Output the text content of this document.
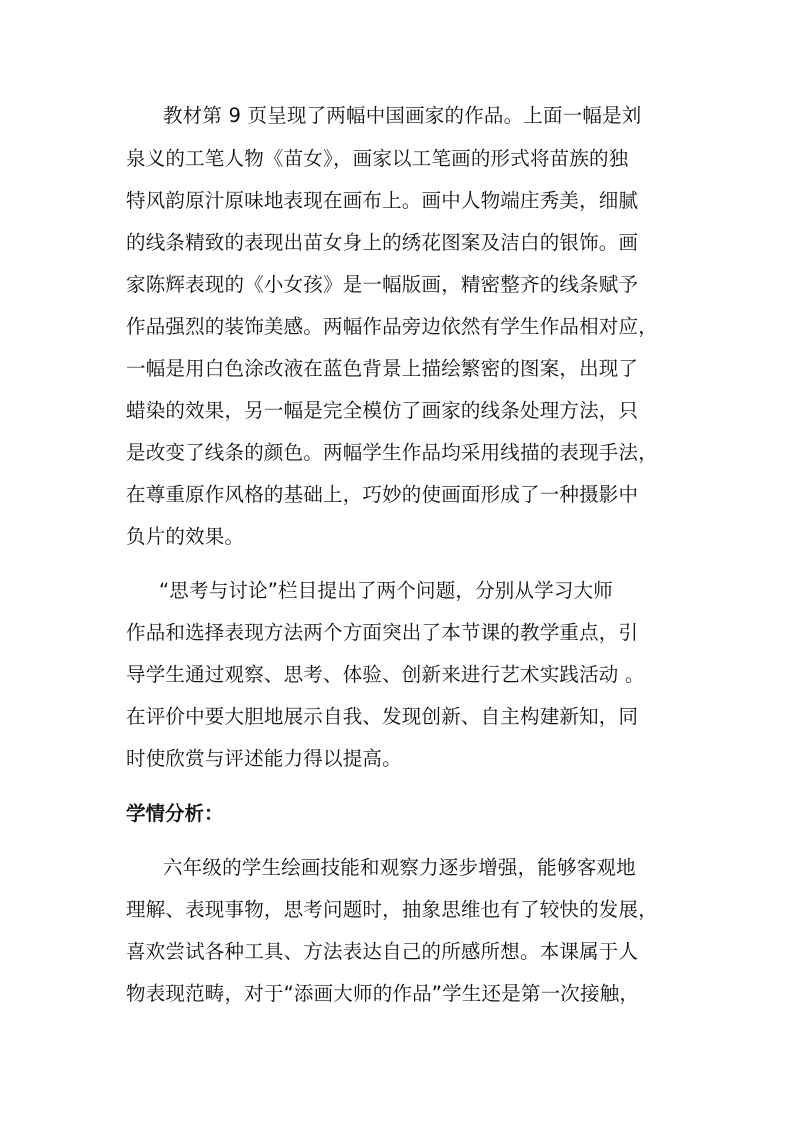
教材第 9 页呈现了两幅中国画家的作品。上面一幅是刘
泉义的工笔人物《苗女》，画家以工笔画的形式将苗族的独
特风韵原汁原味地表现在画布上。画中人物端庄秀美，细腻
的线条精致的表现出苗女身上的绣花图案及洁白的银饰。画
家陈辉表现的《小女孩》是一幅版画，精密整齐的线条赋予
作品强烈的装饰美感。两幅作品旁边依然有学生作品相对应，
一幅是用白色涂改液在蓝色背景上描绘繁密的图案，出现了
蜡染的效果，另一幅是完全模仿了画家的线条处理方法，只
是改变了线条的颜色。两幅学生作品均采用线描的表现手法，
在尊重原作风格的基础上，巧妙的使画面形成了一种摄影中
负片的效果。
“思考与讨论”栏目提出了两个问题，分别从学习大师
作品和选择表现方法两个方面突出了本节课的教学重点，引
导学生通过观察、思考、体验、创新来进行艺术实践活动 。
在评价中要大胆地展示自我、发现创新、自主构建新知，同
时使欣赏与评述能力得以提高。
学情分析：
六年级的学生绘画技能和观察力逐步增强，能够客观地
理解、表现事物，思考问题时，抽象思维也有了较快的发展，
喜欢尝试各种工具、方法表达自己的所感所想。本课属于人
物表现范畴，对于“添画大师的作品”学生还是第一次接触，
